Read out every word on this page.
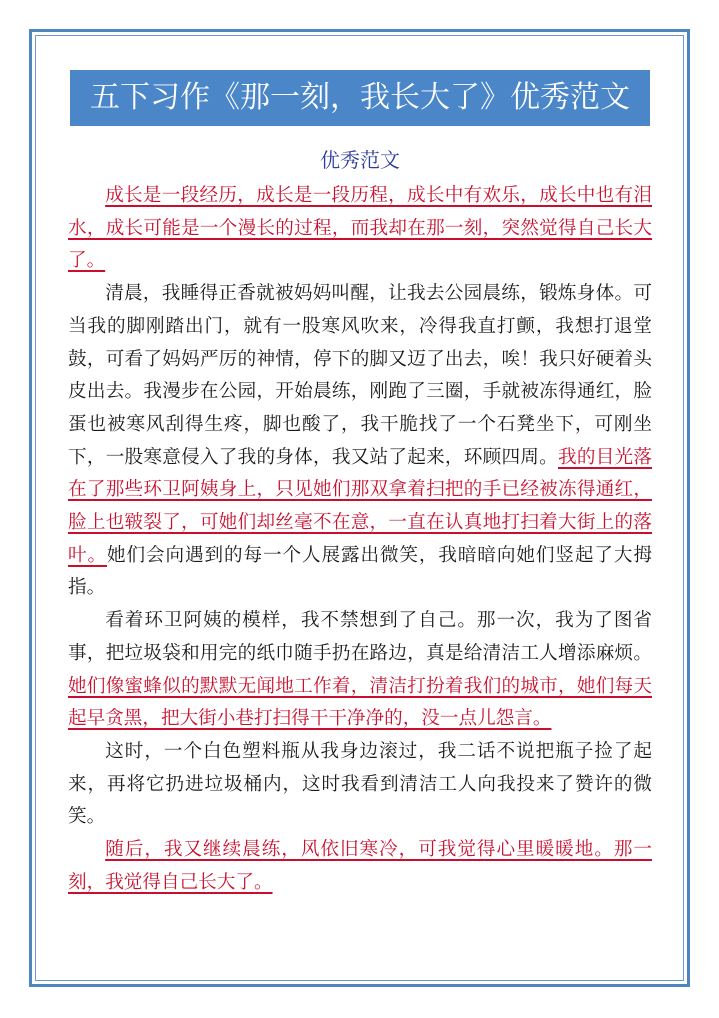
五下习作《那一刻，我长大了》优秀范文
优秀范文

成长是一段经历，成长是一段历程，成长中有欢乐，成长中也有泪水，成长可能是一个漫长的过程，而我却在那一刻，突然觉得自己长大了。

清晨，我睡得正香就被妈妈叫醒，让我去公园晨练，锻炼身体。可当我的脚刚踏出门，就有一股寒风吹来，冷得我直打颤，我想打退堂鼓，可看了妈妈严厉的神情，停下的脚又迈了出去，唉！我只好硬着头皮出去。我漫步在公园，开始晨练，刚跑了三圈，手就被冻得通红，脸蛋也被寒风刮得生疼，脚也酸了，我干脆找了一个石凳坐下，可刚坐下，一股寒意侵入了我的身体，我又站了起来，环顾四周。我的目光落在了那些环卫阿姨身上，只见她们那双拿着扫把的手已经被冻得通红，脸上也皲裂了，可她们却丝毫不在意，一直在认真地打扫着大街上的落叶。她们会向遇到的每一个人展露出微笑，我暗暗向她们竖起了大拇指。

看着环卫阿姨的模样，我不禁想到了自己。那一次，我为了图省事，把垃圾袋和用完的纸巾随手扔在路边，真是给清洁工人增添麻烦。她们像蜜蜂似的默默无闻地工作着，清洁打扮着我们的城市，她们每天起早贪黑，把大街小巷打扫得干干净净的，没一点儿怨言。

这时，一个白色塑料瓶从我身边滚过，我二话不说把瓶子捡了起来，再将它扔进垃圾桶内，这时我看到清洁工人向我投来了赞许的微笑。

随后，我又继续晨练，风依旧寒冷，可我觉得心里暖暖地。那一刻，我觉得自己长大了。
